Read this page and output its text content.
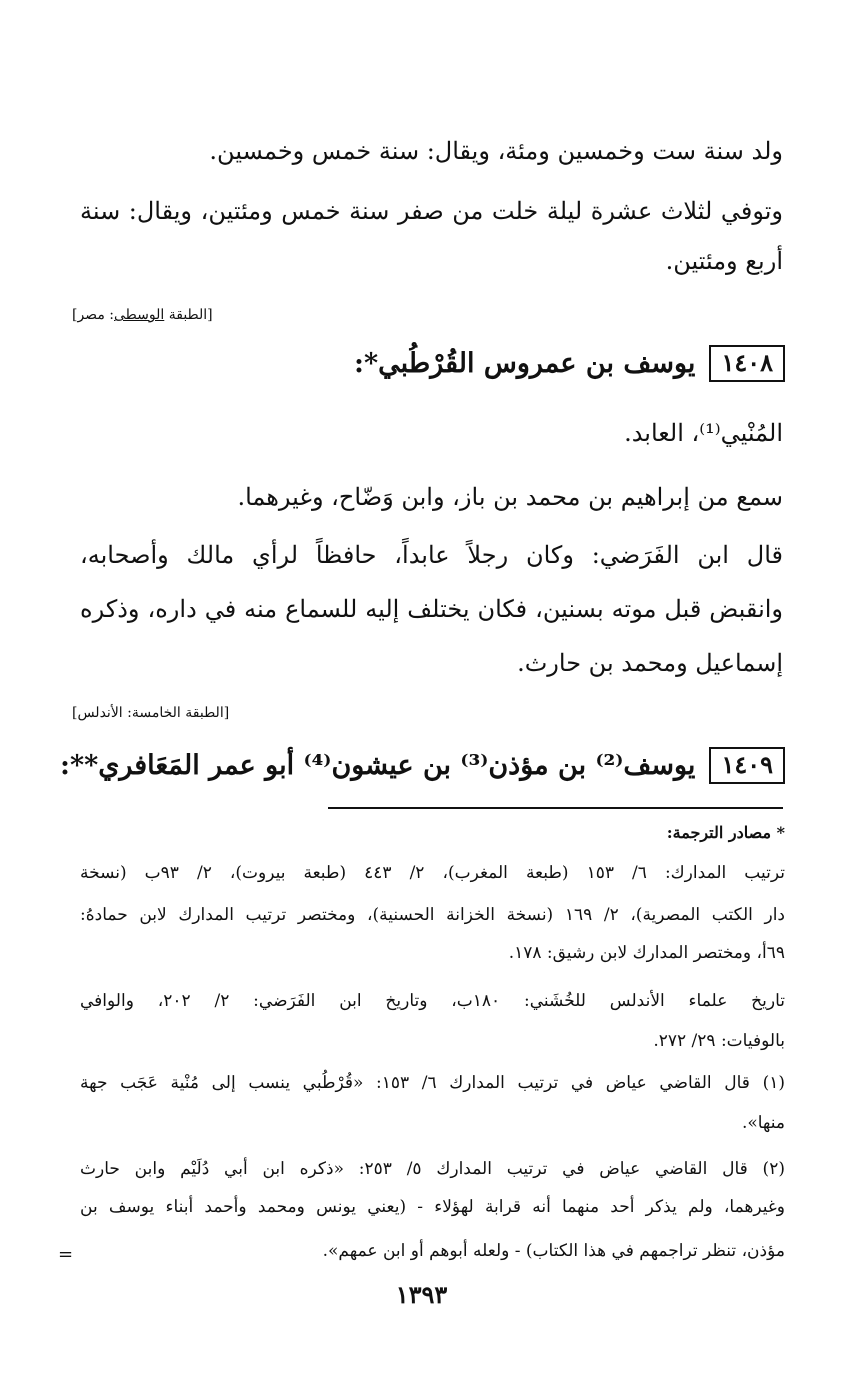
ولد سنة ست وخمسين ومئة، ويقال: سنة خمس وخمسين.
وتوفي لثلاث عشرة ليلة خلت من صفر سنة خمس ومئتين، ويقال: سنة
أربع ومئتين.
[الطبقة الوسطى: مصر]
١٤٠٨
يوسف بن عمروس القُرْطُبي*:
المُنْيي⁽¹⁾، العابد.
سمع من إبراهيم بن محمد بن باز، وابن وَضّاح، وغيرهما.
قال ابن الفَرَضي: وكان رجلاً عابداً، حافظاً لرأي مالك وأصحابه،
وانقبض قبل موته بسنين، فكان يختلف إليه للسماع منه في داره، وذكره
إسماعيل ومحمد بن حارث.
[الطبقة الخامسة: الأندلس]
١٤٠٩
يوسف⁽²⁾ بن مؤذن⁽³⁾ بن عيشون⁽⁴⁾ أبو عمر المَعَافري**:
* مصادر الترجمة:
ترتيب المدارك: ٦/ ١٥٣ (طبعة المغرب)، ٢/ ٤٤٣ (طبعة بيروت)، ٢/ ٩٣ب (نسخة
دار الكتب المصرية)، ٢/ ١٦٩ (نسخة الخزانة الحسنية)، ومختصر ترتيب المدارك لابن حمادهُ:
٦٩أ، ومختصر المدارك لابن رشيق: ١٧٨.
تاريخ علماء الأندلس للخُشَني: ١٨٠ب، وتاريخ ابن الفَرَضي: ٢/ ٢٠٢، والوافي
بالوفيات: ٢٩/ ٢٧٢.
(١) قال القاضي عياض في ترتيب المدارك ٦/ ١٥٣: «قُرْطُبي ينسب إلى مُنْية عَجَب جهة
منها».
(٢) قال القاضي عياض في ترتيب المدارك ٥/ ٢٥٣: «ذكره ابن أبي دُلَيْم وابن حارث
وغيرهما، ولم يذكر أحد منهما أنه قرابة لهؤلاء - (يعني يونس ومحمد وأحمد أبناء يوسف بن
مؤذن، تنظر تراجمهم في هذا الكتاب) - ولعله أبوهم أو ابن عمهم».
=
١٣٩٣
